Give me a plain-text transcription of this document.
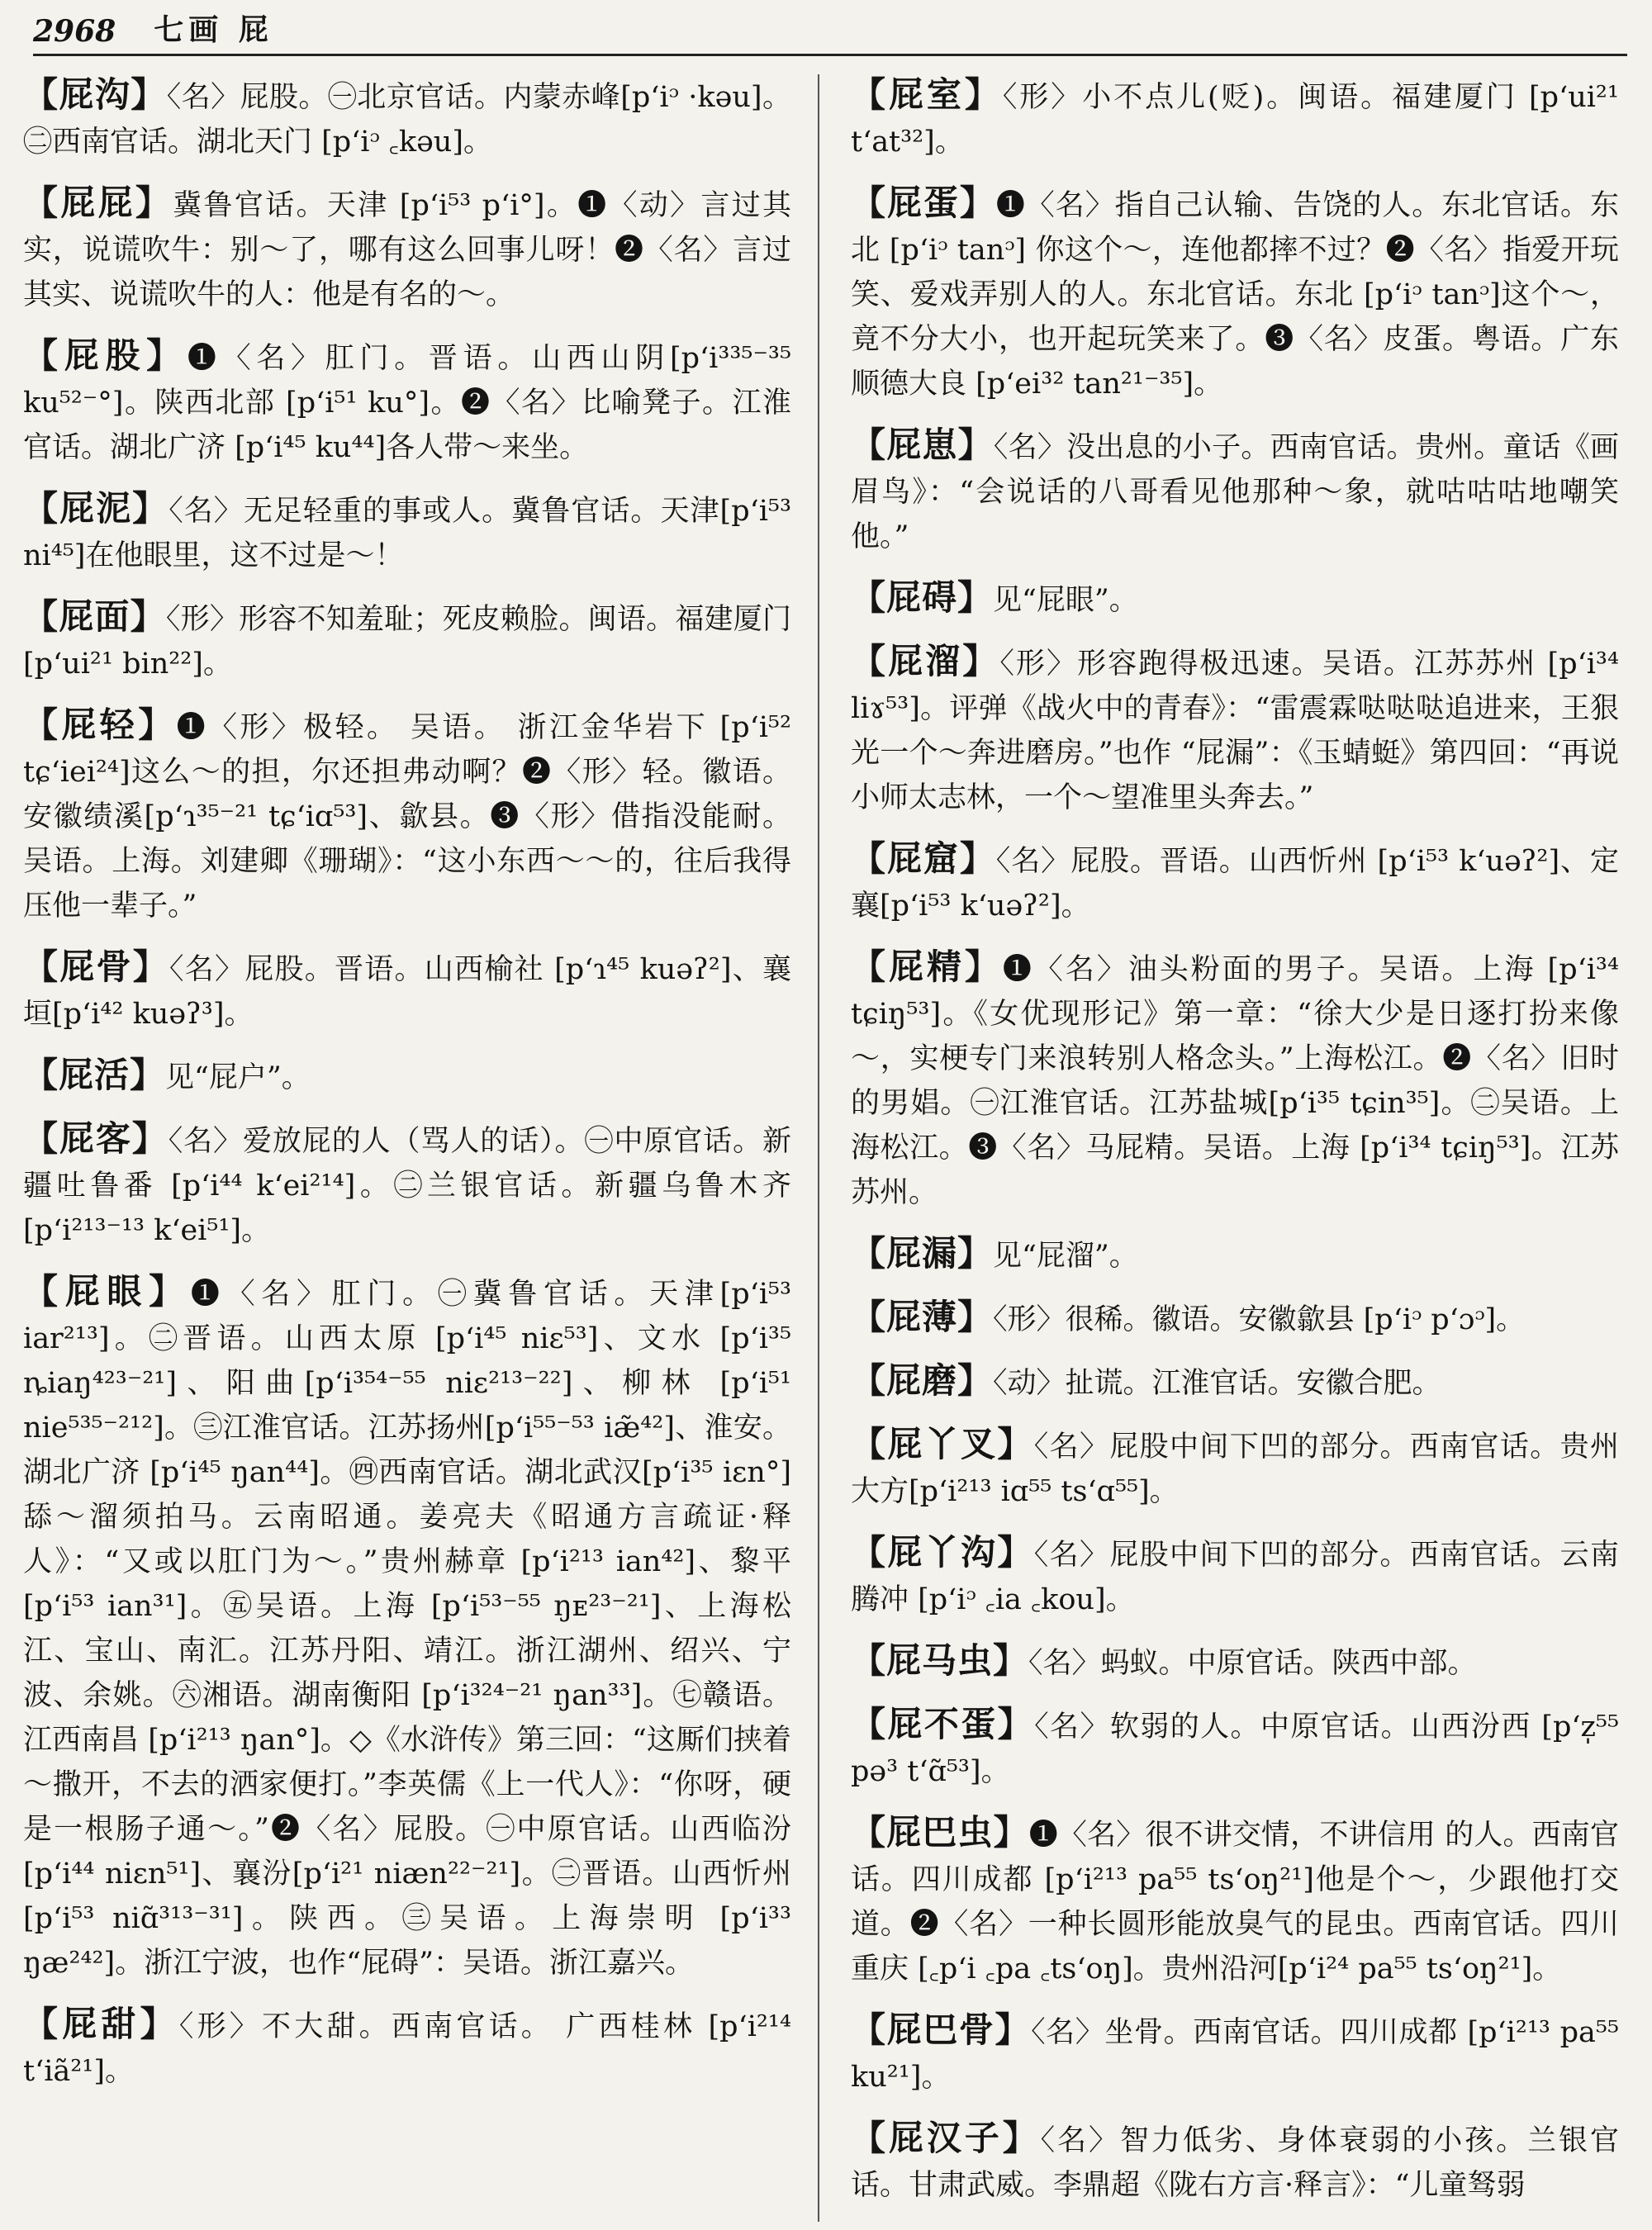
2968 七画 屁
【屁沟】〈名〉屁股。㊀北京官话。内蒙赤峰[pʻiᵓ ·kəu]。㊁西南官话。湖北天门 [pʻiᵓ ꜀kəu]。
【屁屁】冀鲁官话。天津 [pʻi⁵³ pʻi°]。❶〈动〉言过其实，说谎吹牛：别～了，哪有这么回事儿呀！❷〈名〉言过其实、说谎吹牛的人：他是有名的～。
【屁股】❶〈名〉肛门。晋语。山西山阴[pʻi³³⁵⁻³⁵ ku⁵²⁻°]。陕西北部 [pʻi⁵¹ ku°]。❷〈名〉比喻凳子。江淮官话。湖北广济 [pʻi⁴⁵ ku⁴⁴]各人带～来坐。
【屁泥】〈名〉无足轻重的事或人。冀鲁官话。天津[pʻi⁵³ ni⁴⁵]在他眼里，这不过是～！
【屁面】〈形〉形容不知羞耻；死皮赖脸。闽语。福建厦门[pʻui²¹ bin²²]。
【屁轻】❶〈形〉极轻。 吴语。 浙江金华岩下 [pʻi⁵² tɕʻiei²⁴]这么～的担，尔还担弗动啊？❷〈形〉轻。徽语。安徽绩溪[pʻɿ³⁵⁻²¹ tɕʻiɑ⁵³]、歙县。❸〈形〉借指没能耐。吴语。上海。刘建卿《珊瑚》：“这小东西～～的，往后我得压他一辈子。”
【屁骨】〈名〉屁股。晋语。山西榆社 [pʻɿ⁴⁵ kuəʔ²]、襄垣[pʻi⁴² kuəʔ³]。
【屁活】见“屁户”。
【屁客】〈名〉爱放屁的人（骂人的话）。㊀中原官话。新疆吐鲁番 [pʻi⁴⁴ kʻei²¹⁴]。㊁兰银官话。新疆乌鲁木齐[pʻi²¹³⁻¹³ kʻei⁵¹]。
【屁眼】❶〈名〉肛门。㊀冀鲁官话。天津[pʻi⁵³ iar²¹³]。㊁晋语。山西太原 [pʻi⁴⁵ niɛ⁵³]、文水 [pʻi³⁵ ȵiaŋ⁴²³⁻²¹]、阳曲[pʻi³⁵⁴⁻⁵⁵ niɛ²¹³⁻²²]、柳林 [pʻi⁵¹ nie⁵³⁵⁻²¹²]。㊂江淮官话。江苏扬州[pʻi⁵⁵⁻⁵³ iæ̃⁴²]、淮安。湖北广济 [pʻi⁴⁵ ŋan⁴⁴]。㊃西南官话。湖北武汉[pʻi³⁵ iɛn°]舔～溜须拍马。云南昭通。姜亮夫《昭通方言疏证·释人》：“又或以肛门为～。”贵州赫章 [pʻi²¹³ ian⁴²]、黎平 [pʻi⁵³ ian³¹]。㊄吴语。上海 [pʻi⁵³⁻⁵⁵ ŋᴇ²³⁻²¹]、上海松江、宝山、南汇。江苏丹阳、靖江。浙江湖州、绍兴、宁波、余姚。㊅湘语。湖南衡阳 [pʻi³²⁴⁻²¹ ŋan³³]。㊆赣语。江西南昌 [pʻi²¹³ ŋan°]。◇《水浒传》第三回：“这厮们挟着～撒开，不去的洒家便打。”李英儒《上一代人》：“你呀，硬是一根肠子通～。”❷〈名〉屁股。㊀中原官话。山西临汾 [pʻi⁴⁴ niɛn⁵¹]、襄汾[pʻi²¹ niæn²²⁻²¹]。㊁晋语。山西忻州 [pʻi⁵³ niɑ̃³¹³⁻³¹]。陕西。㊂吴语。上海崇明 [pʻi³³ ŋæ²⁴²]。浙江宁波，也作“屁碍”：吴语。浙江嘉兴。
【屁甜】〈形〉不大甜。西南官话。 广西桂林 [pʻi²¹⁴ tʻiã²¹]。
【屁室】〈形〉小不点儿(贬)。闽语。福建厦门 [pʻui²¹ tʻat³²]。
【屁蛋】❶〈名〉指自己认输、告饶的人。东北官话。东北 [pʻiᵓ tanᵓ] 你这个～，连他都摔不过？❷〈名〉指爱开玩笑、爱戏弄别人的人。东北官话。东北 [pʻiᵓ tanᵓ]这个～，竟不分大小，也开起玩笑来了。❸〈名〉皮蛋。粤语。广东顺德大良 [pʻei³² tan²¹⁻³⁵]。
【屁崽】〈名〉没出息的小子。西南官话。贵州。童话《画眉鸟》：“会说话的八哥看见他那种～象，就咕咕咕地嘲笑他。”
【屁碍】见“屁眼”。
【屁溜】〈形〉形容跑得极迅速。吴语。江苏苏州 [pʻi³⁴ liɤ⁵³]。评弹《战火中的青春》：“雷震霖哒哒哒追进来，王狠光一个～奔进磨房。”也作 “屁漏”：《玉蜻蜓》第四回：“再说小师太志林，一个～望准里头奔去。”
【屁窟】〈名〉屁股。晋语。山西忻州 [pʻi⁵³ kʻuəʔ²]、定襄[pʻi⁵³ kʻuəʔ²]。
【屁精】❶〈名〉油头粉面的男子。吴语。上海 [pʻi³⁴ tɕiŋ⁵³]。《女优现形记》第一章：“徐大少是日逐打扮来像～，实梗专门来浪转别人格念头。”上海松江。❷〈名〉旧时的男娼。㊀江淮官话。江苏盐城[pʻi³⁵ tɕin³⁵]。㊁吴语。上海松江。❸〈名〉马屁精。吴语。上海 [pʻi³⁴ tɕiŋ⁵³]。江苏苏州。
【屁漏】见“屁溜”。
【屁薄】〈形〉很稀。徽语。安徽歙县 [pʻiᵓ pʻɔᵓ]。
【屁磨】〈动〉扯谎。江淮官话。安徽合肥。
【屁丫叉】〈名〉屁股中间下凹的部分。西南官话。贵州大方[pʻi²¹³ iɑ⁵⁵ tsʻɑ⁵⁵]。
【屁丫沟】〈名〉屁股中间下凹的部分。西南官话。云南腾冲 [pʻiᵓ ꜀ia ꜀kou]。
【屁马虫】〈名〉蚂蚁。中原官话。陕西中部。
【屁不蛋】〈名〉软弱的人。中原官话。山西汾西 [pʻz̩⁵⁵ pə³ tʻɑ̃⁵³]。
【屁巴虫】❶〈名〉很不讲交情，不讲信用 的人。西南官话。四川成都 [pʻi²¹³ pa⁵⁵ tsʻoŋ²¹]他是个～，少跟他打交道。❷〈名〉一种长圆形能放臭气的昆虫。西南官话。四川重庆 [꜀pʻi ꜀pa ꜀tsʻoŋ]。贵州沿河[pʻi²⁴ pa⁵⁵ tsʻoŋ²¹]。
【屁巴骨】〈名〉坐骨。西南官话。四川成都 [pʻi²¹³ pa⁵⁵ ku²¹]。
【屁汉子】〈名〉智力低劣、身体衰弱的小孩。兰银官话。甘肃武威。李鼎超《陇右方言·释言》：“儿童驽弱
